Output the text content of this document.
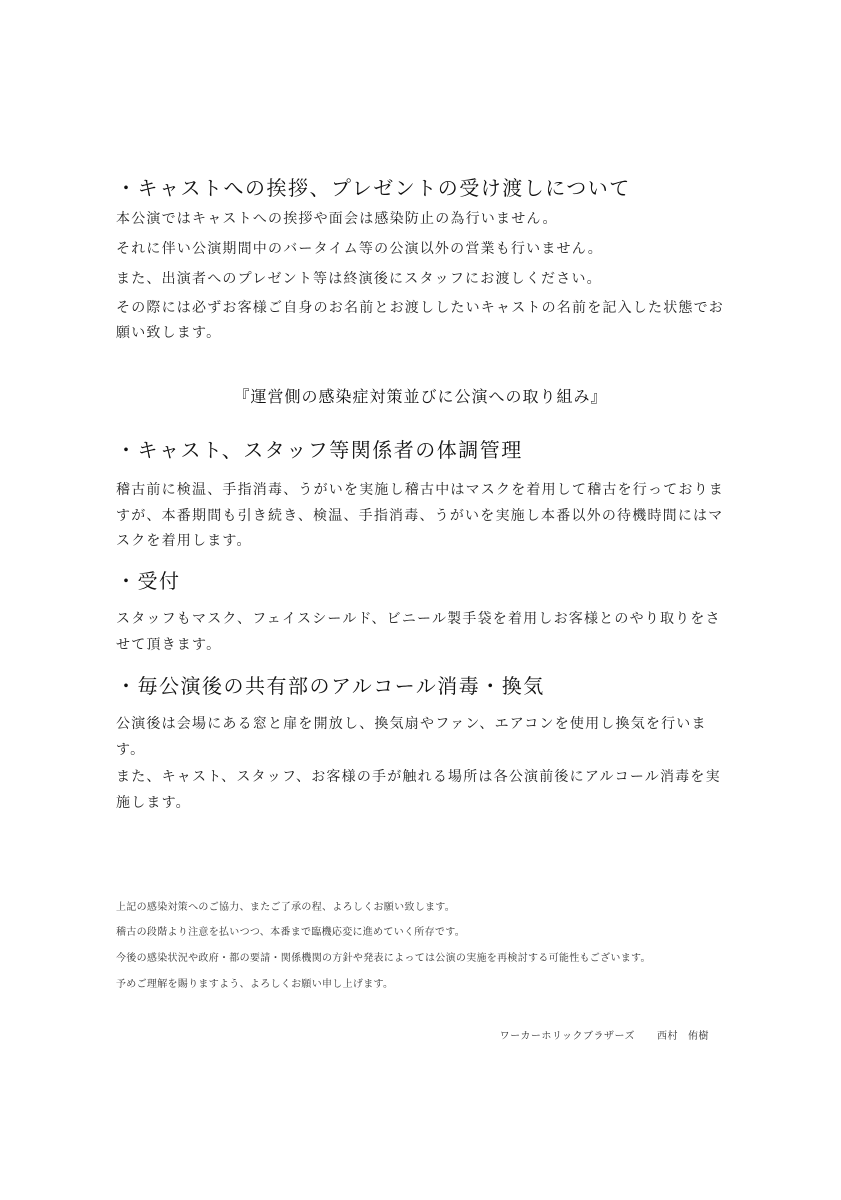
・キャストへの挨拶、プレゼントの受け渡しについて
本公演ではキャストへの挨拶や面会は感染防止の為行いません。
それに伴い公演期間中のバータイム等の公演以外の営業も行いません。
また、出演者へのプレゼント等は終演後にスタッフにお渡しください。
その際には必ずお客様ご自身のお名前とお渡ししたいキャストの名前を記入した状態でお
願い致します。
『運営側の感染症対策並びに公演への取り組み』
・キャスト、スタッフ等関係者の体調管理
稽古前に検温、手指消毒、うがいを実施し稽古中はマスクを着用して稽古を行っておりま
すが、本番期間も引き続き、検温、手指消毒、うがいを実施し本番以外の待機時間にはマ
スクを着用します。
・受付
スタッフもマスク、フェイスシールド、ビニール製手袋を着用しお客様とのやり取りをさ
せて頂きます。
・毎公演後の共有部のアルコール消毒・換気
公演後は会場にある窓と扉を開放し、換気扇やファン、エアコンを使用し換気を行いま
す。
また、キャスト、スタッフ、お客様の手が触れる場所は各公演前後にアルコール消毒を実
施します。
上記の感染対策へのご協力、またご了承の程、よろしくお願い致します。
稽古の段階より注意を払いつつ、本番まで臨機応変に進めていく所存です。
今後の感染状況や政府・都の要請・関係機関の方針や発表によっては公演の実施を再検討する可能性もございます。
予めご理解を賜りますよう、よろしくお願い申し上げます。
ワーカーホリックブラザーズ 西村 侑樹
